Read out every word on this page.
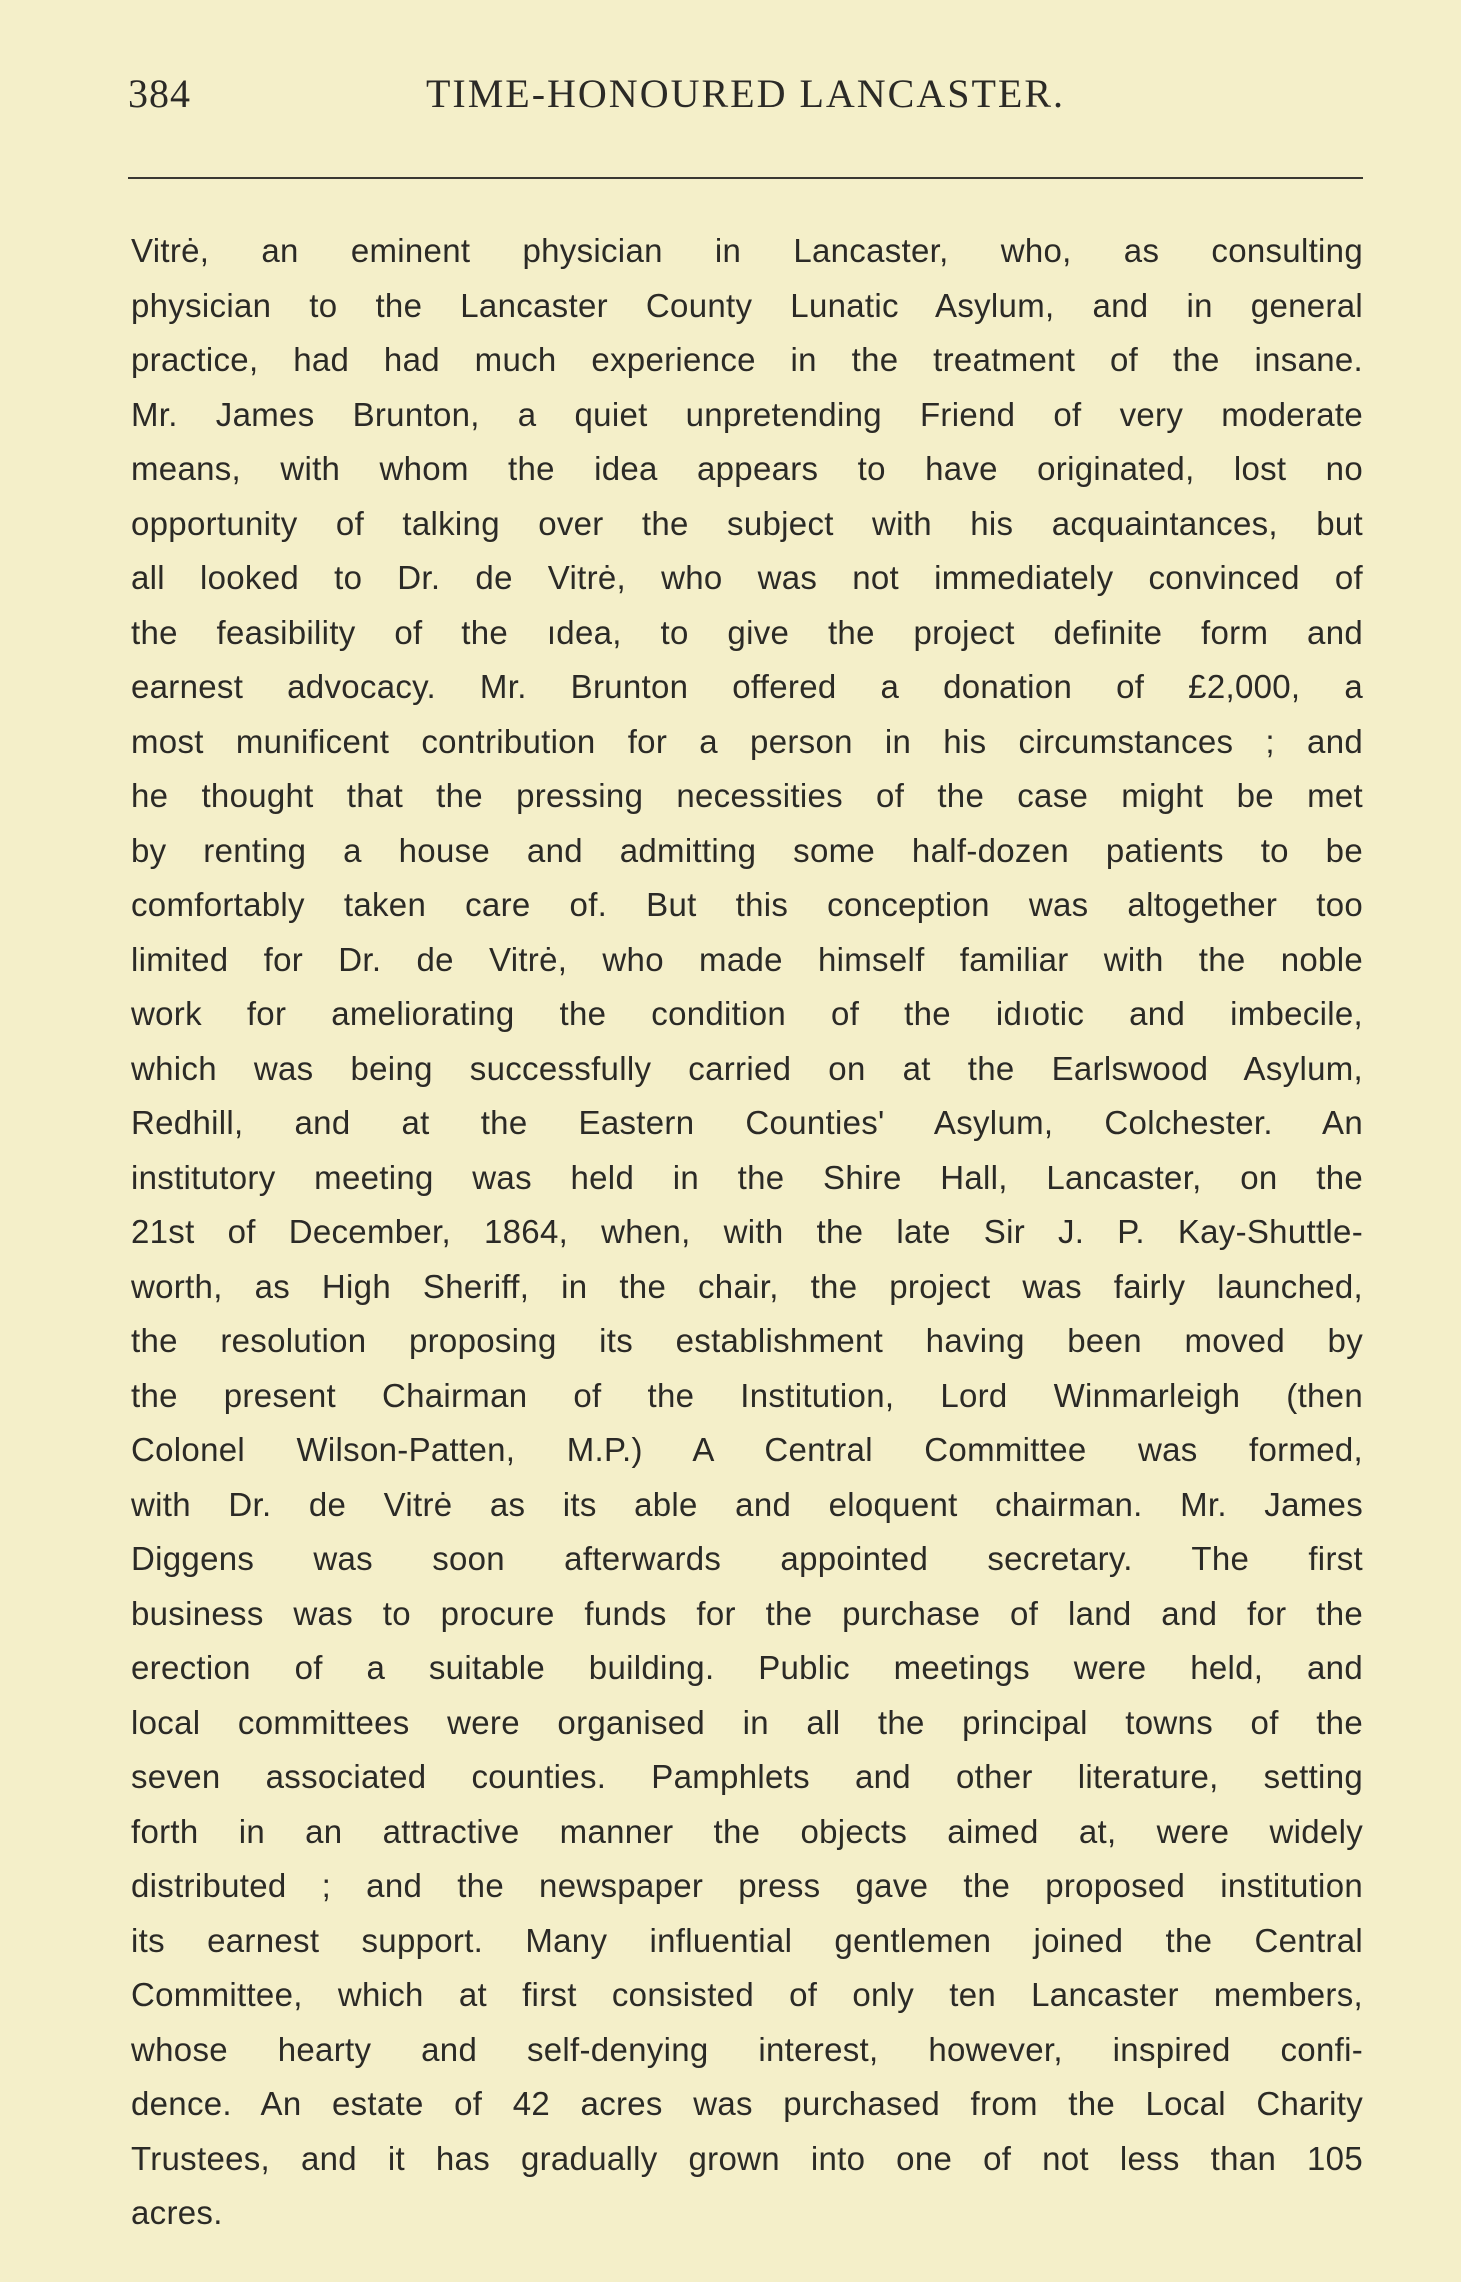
384	TIME-HONOURED LANCASTER.
Vitrė, an eminent physician in Lancaster, who, as consulting
physician to the Lancaster County Lunatic Asylum, and in general
practice, had had much experience in the treatment of the insane.
Mr. James Brunton, a quiet unpretending Friend of very moderate
means, with whom the idea appears to have originated, lost no
opportunity of talking over the subject with his acquaintances, but
all looked to Dr. de Vitrė, who was not immediately convinced of
the feasibility of the ıdea, to give the project definite form and
earnest advocacy. Mr. Brunton offered a donation of £2,000, a
most munificent contribution for a person in his circumstances ; and
he thought that the pressing necessities of the case might be met
by renting a house and admitting some half-dozen patients to be
comfortably taken care of. But this conception was altogether too
limited for Dr. de Vitrė, who made himself familiar with the noble
work for ameliorating the condition of the idıotic and imbecile,
which was being successfully carried on at the Earlswood Asylum,
Redhill, and at the Eastern Counties' Asylum, Colchester. An
institutory meeting was held in the Shire Hall, Lancaster, on the
21st of December, 1864, when, with the late Sir J. P. Kay-Shuttle-
worth, as High Sheriff, in the chair, the project was fairly launched,
the resolution proposing its establishment having been moved by
the present Chairman of the Institution, Lord Winmarleigh (then
Colonel Wilson-Patten, M.P.) A Central Committee was formed,
with Dr. de Vitrė as its able and eloquent chairman. Mr. James
Diggens was soon afterwards appointed secretary. The first
business was to procure funds for the purchase of land and for the
erection of a suitable building. Public meetings were held, and
local committees were organised in all the principal towns of the
seven associated counties. Pamphlets and other literature, setting
forth in an attractive manner the objects aimed at, were widely
distributed ; and the newspaper press gave the proposed institution
its earnest support. Many influential gentlemen joined the Central
Committee, which at first consisted of only ten Lancaster members,
whose hearty and self-denying interest, however, inspired confi-
dence. An estate of 42 acres was purchased from the Local Charity
Trustees, and it has gradually grown into one of not less than 105
acres.
